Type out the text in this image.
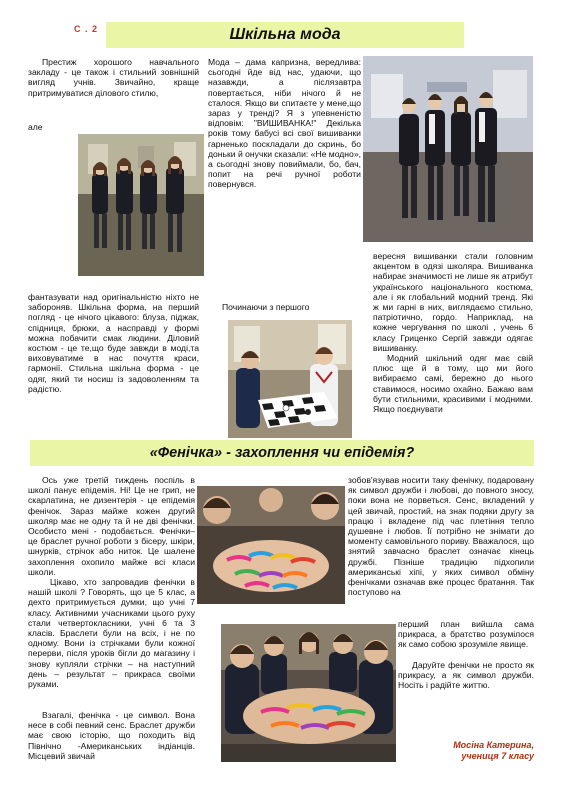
С . 2	Шкільна мода

Престиж хорошого навчального закладу - це також і стильний зовнішній вигляд учнів. Звичайно, краще притримуватися ділового стилю,

але

фантазувати над оригінальністю ніхто не забороняв. Шкільна форма, на перший погляд - це нічого цікавого: блуза, піджак, спідниця, брюки, а насправді у формі можна побачити смак людини. Діловий костюм - це те,що буде завжди в моді,та виховуватиме в нас почуття краси, гармонії. Стильна шкільна форма - це одяг, який ти носиш із задоволенням та радістю.

Мода – дама капризна, вередлива: сьогодні йде від нас, удаючи, що назавжди, а післязавтра повертається, ніби нічого й не сталося. Якщо ви спитаєте у мене,що зараз у тренді? Я з упевненістю відповім: "ВИШИВАНКА!" Декілька років тому бабусі всі свої вишиванки гарненько поскладали до скринь, бо доньки й онучки сказали: «Не модно», а сьогодні знову повиймали, бо, бач, попит на речі ручної роботи повернувся.

Починаючи з першого

вересня вишиванки стали головним акцентом в одязі школяра. Вишиванка набирає значимості не лише як атрибут українського національного костюма, але і як глобальний модний тренд. Які ж ми гарні в них, виглядаємо стильно, патріотично, гордо. Наприклад, на кожне чергування по школі , учень 6 класу Гриценко Сергій завжди одягає вишиванку.

Модний шкільний одяг має свій плюс ще й в тому, що ми його вибираємо самі, бережно до нього ставимося, носимо охайно. Бажаю вам бути стильними, красивими і модними. Якщо поєднувати

«Фенічка» - захоплення чи епідемія?

Ось уже третій тиждень поспіль в школі панує епідемія. Ні! Це не грип, не скарлатина, не дизентерія - це епідемія фенічок. Зараз майже кожен другий школяр має не одну та й не дві фенічки. Особисто мені - подобається. Фенічки– це браслет ручної роботи з бісеру, шкіри, шнурків, стрічок або ниток. Це шалене захоплення охопило майже всі класи школи.

Цікаво, хто запровадив фенічки в нашій школі ? Говорять, що це 5 клас, а дехто притримується думки, що учні 7 класу. Активними учасниками цього руху стали четвертокласники, учні 6 та 3 класів. Браслети були на всіх, і не по одному. Вони із стрічками були кожної перерви, після уроків бігли до магазину і знову купляли стрічки – на наступний день – результат – прикраса своїми руками.

Взагалі, фенічка - це символ. Вона несе в собі певний сенс. Браслет дружби має свою історію, що походить від Північно -Американських індіанців. Місцевий звичай

зобов'язував носити таку фенічку, подаровану як символ дружби і любові, до повного зносу, поки вона не порветься. Сенс, вкладений у цей звичай, простий, на знак подяки другу за працю і вкладене під час плетіння тепло душевне і любов. Її потрібно не знімати до моменту самовільного пориву. Вважалося, що знятий завчасно браслет означає кінець дружбі. Пізніше традицію підхопили американські хіпі, у яких символ обміну фенічками означав вже процес братання. Так поступово на

перший план вийшла сама прикраса, а братство розумілося як само собою зрозуміле явище.

Даруйте фенічки не просто як прикрасу, а як символ дружби. Носіть і радійте життю.

Мосіна Катерина,
учениця 7 класу
